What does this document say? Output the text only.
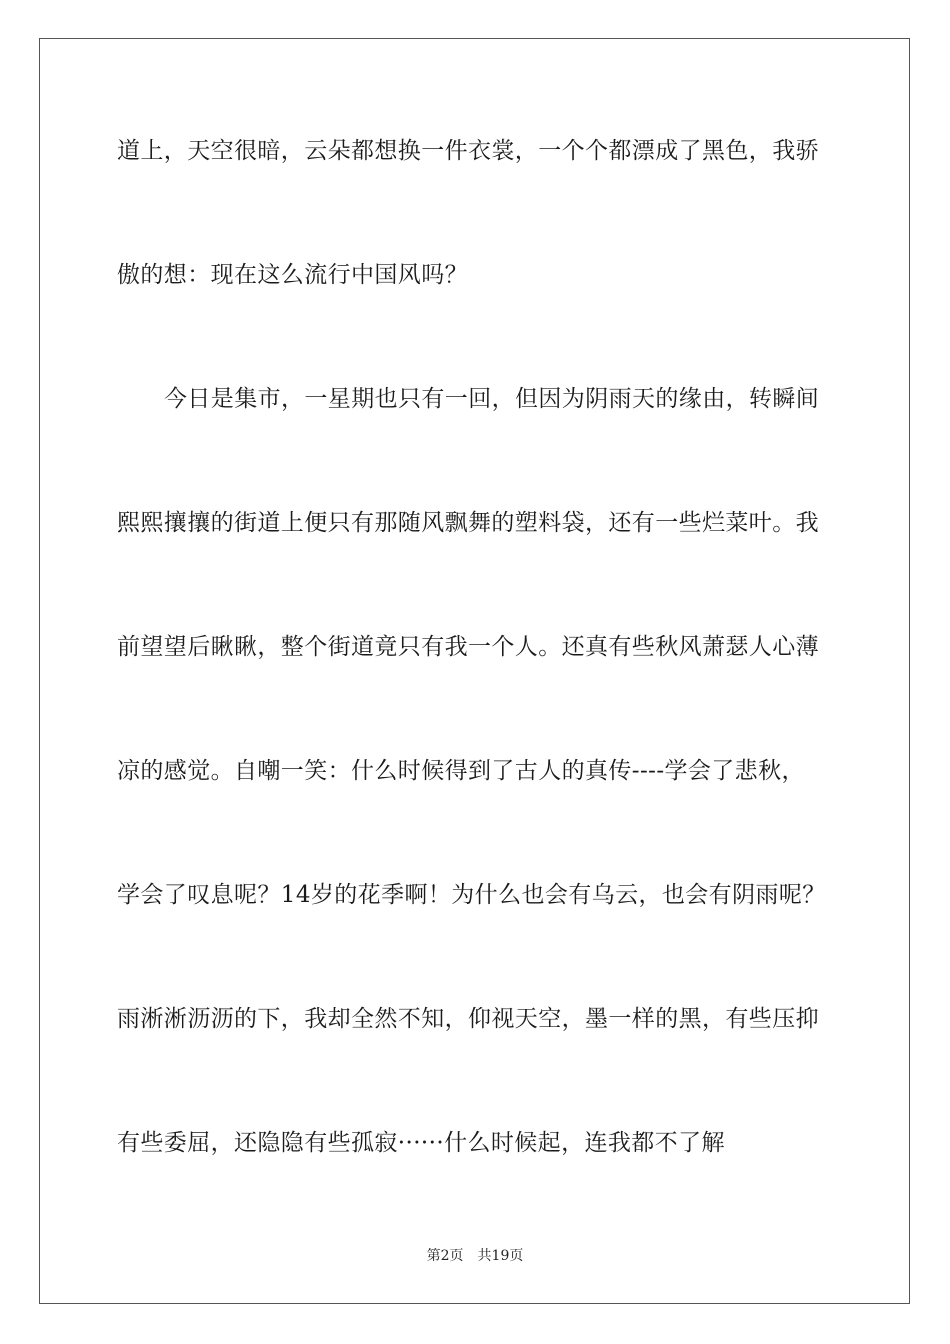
道上，天空很暗，云朵都想换一件衣裳，一个个都漂成了黑色，我骄
傲的想：现在这么流行中国风吗？
今日是集市，一星期也只有一回，但因为阴雨天的缘由，转瞬间
熙熙攘攘的街道上便只有那随风飘舞的塑料袋，还有一些烂菜叶。我
前望望后瞅瞅，整个街道竟只有我一个人。还真有些秋风萧瑟人心薄
凉的感觉。自嘲一笑：什么时候得到了古人的真传----学会了悲秋，
学会了叹息呢？14岁的花季啊！为什么也会有乌云，也会有阴雨呢？
雨淅淅沥沥的下，我却全然不知，仰视天空，墨一样的黑，有些压抑
有些委屈，还隐隐有些孤寂······什么时候起，连我都不了解
第2页 共19页
